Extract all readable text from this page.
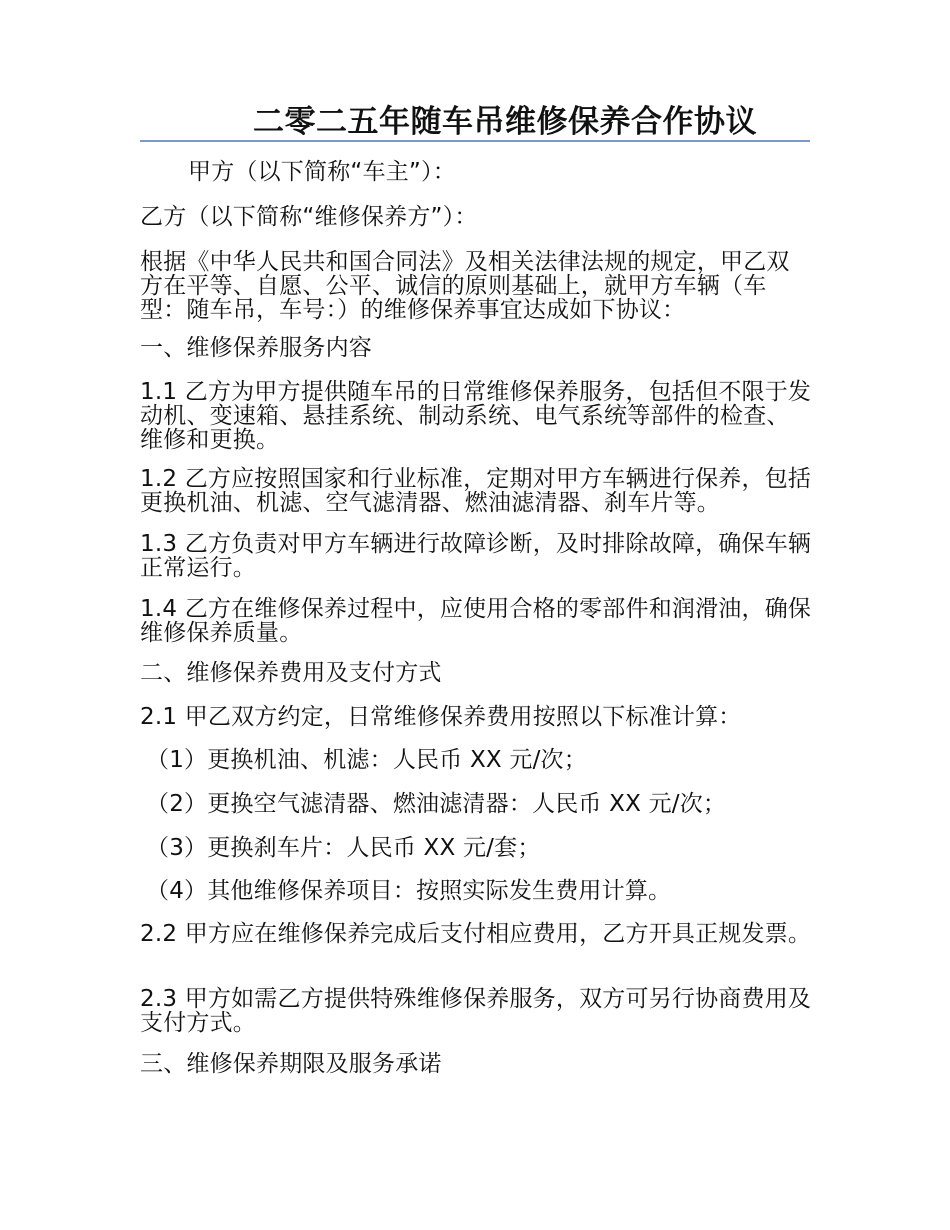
二零二五年随车吊维修保养合作协议

甲方（以下简称“车主”）：

乙方（以下简称“维修保养方”）：

根据《中华人民共和国合同法》及相关法律法规的规定，甲乙双方在平等、自愿、公平、诚信的原则基础上，就甲方车辆（车型：随车吊，车号：）的维修保养事宜达成如下协议：

一、维修保养服务内容

1.1 乙方为甲方提供随车吊的日常维修保养服务，包括但不限于发动机、变速箱、悬挂系统、制动系统、电气系统等部件的检查、维修和更换。

1.2 乙方应按照国家和行业标准，定期对甲方车辆进行保养，包括更换机油、机滤、空气滤清器、燃油滤清器、刹车片等。

1.3 乙方负责对甲方车辆进行故障诊断，及时排除故障，确保车辆正常运行。

1.4 乙方在维修保养过程中，应使用合格的零部件和润滑油，确保维修保养质量。

二、维修保养费用及支付方式

2.1 甲乙双方约定，日常维修保养费用按照以下标准计算：

（1）更换机油、机滤：人民币 XX 元/次；

（2）更换空气滤清器、燃油滤清器：人民币 XX 元/次；

（3）更换刹车片：人民币 XX 元/套；

（4）其他维修保养项目：按照实际发生费用计算。

2.2 甲方应在维修保养完成后支付相应费用，乙方开具正规发票。

2.3 甲方如需乙方提供特殊维修保养服务，双方可另行协商费用及支付方式。

三、维修保养期限及服务承诺
